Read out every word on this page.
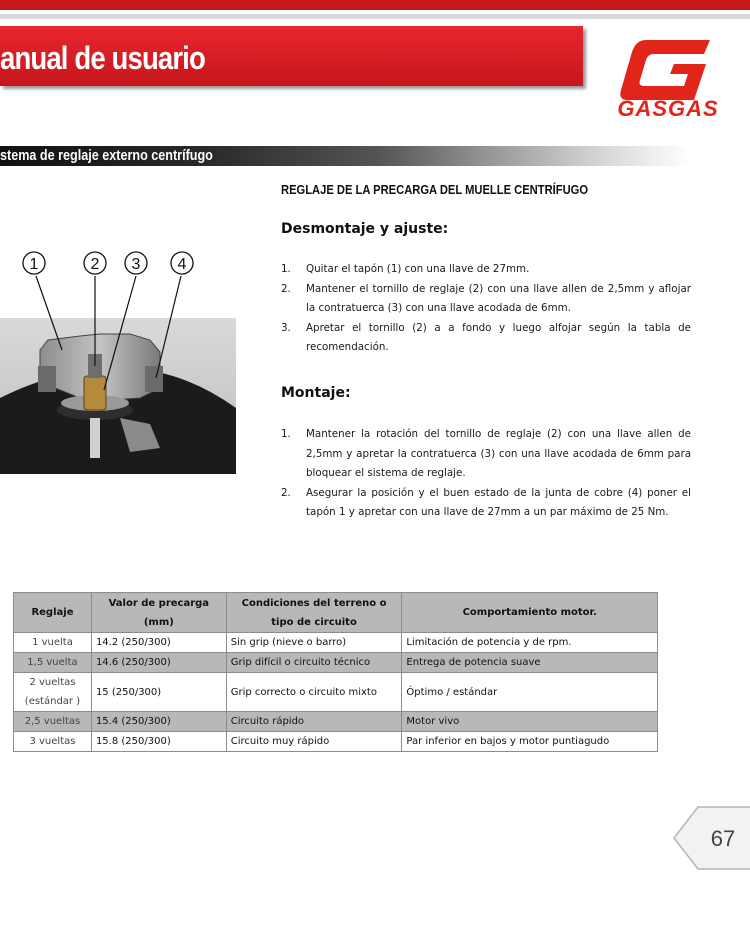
anual de usuario
GASGAS
stema de reglaje externo centrífugo
1	2 3 4
REGLAJE DE LA PRECARGA DEL MUELLE CENTRÍFUGO
Desmontaje y ajuste:
1. Quitar el tapón (1) con una llave de 27mm.
2. Mantener el tornillo de reglaje (2) con una llave allen de 2,5mm y aflojar la contratuerca (3) con una llave acodada de 6mm.
3. Apretar el tornillo (2) a a fondo y luego alfojar según la tabla de recomendación.
Montaje:
1. Mantener la rotación del tornillo de reglaje (2) con una llave allen de 2,5mm y apretar la contratuerca (3) con una llave acodada de 6mm para bloquear el sistema de reglaje.
2. Asegurar la posición y el buen estado de la junta de cobre (4) poner el tapón 1 y apretar con una llave de 27mm a un par máximo de 25 Nm.
Reglaje	Valor de precarga (mm)	Condiciones del terreno o tipo de circuito	Comportamiento motor.
1 vuelta	14.2 (250/300)	Sin grip (nieve o barro)	Limitación de potencia y de rpm.
1,5 vuelta	14.6 (250/300)	Grip difícil o circuito técnico	Entrega de potencia suave
2 vueltas (estándar )	15 (250/300)	Grip correcto o circuito mixto	Óptimo / estándar
2,5 vueltas	15.4 (250/300)	Circuito rápido	Motor vivo
3 vueltas	15.8 (250/300)	Circuito muy rápido	Par inferior en bajos y motor puntiagudo
67
